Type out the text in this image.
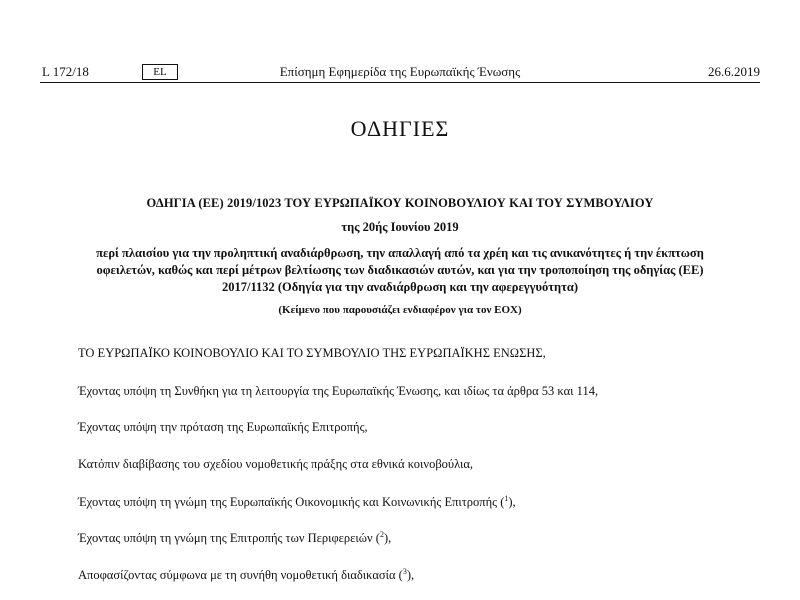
L 172/18	EL	Επίσημη Εφημερίδα της Ευρωπαϊκής Ένωσης	26.6.2019
ΟΔΗΓΙΕΣ
ΟΔΗΓΙΑ (ΕΕ) 2019/1023 ΤΟΥ ΕΥΡΩΠΑΪΚΟΥ ΚΟΙΝΟΒΟΥΛΙΟΥ ΚΑΙ ΤΟΥ ΣΥΜΒΟΥΛΙΟΥ
της 20ής Ιουνίου 2019
περί πλαισίου για την προληπτική αναδιάρθρωση, την απαλλαγή από τα χρέη και τις ανικανότητες ή την έκπτωση οφειλετών, καθώς και περί μέτρων βελτίωσης των διαδικασιών αυτών, και για την τροποποίηση της οδηγίας (ΕΕ) 2017/1132 (Οδηγία για την αναδιάρθρωση και την αφερεγγυότητα)
(Κείμενο που παρουσιάζει ενδιαφέρον για τον ΕΟΧ)
ΤΟ ΕΥΡΩΠΑΪΚΟ ΚΟΙΝΟΒΟΥΛΙΟ ΚΑΙ ΤΟ ΣΥΜΒΟΥΛΙΟ ΤΗΣ ΕΥΡΩΠΑΪΚΗΣ ΕΝΩΣΗΣ,
Έχοντας υπόψη τη Συνθήκη για τη λειτουργία της Ευρωπαϊκής Ένωσης, και ιδίως τα άρθρα 53 και 114,
Έχοντας υπόψη την πρόταση της Ευρωπαϊκής Επιτροπής,
Κατόπιν διαβίβασης του σχεδίου νομοθετικής πράξης στα εθνικά κοινοβούλια,
Έχοντας υπόψη τη γνώμη της Ευρωπαϊκής Οικονομικής και Κοινωνικής Επιτροπής ($^1$),
Έχοντας υπόψη τη γνώμη της Επιτροπής των Περιφερειών ($^2$),
Αποφασίζοντας σύμφωνα με τη συνήθη νομοθετική διαδικασία ($^3$),
